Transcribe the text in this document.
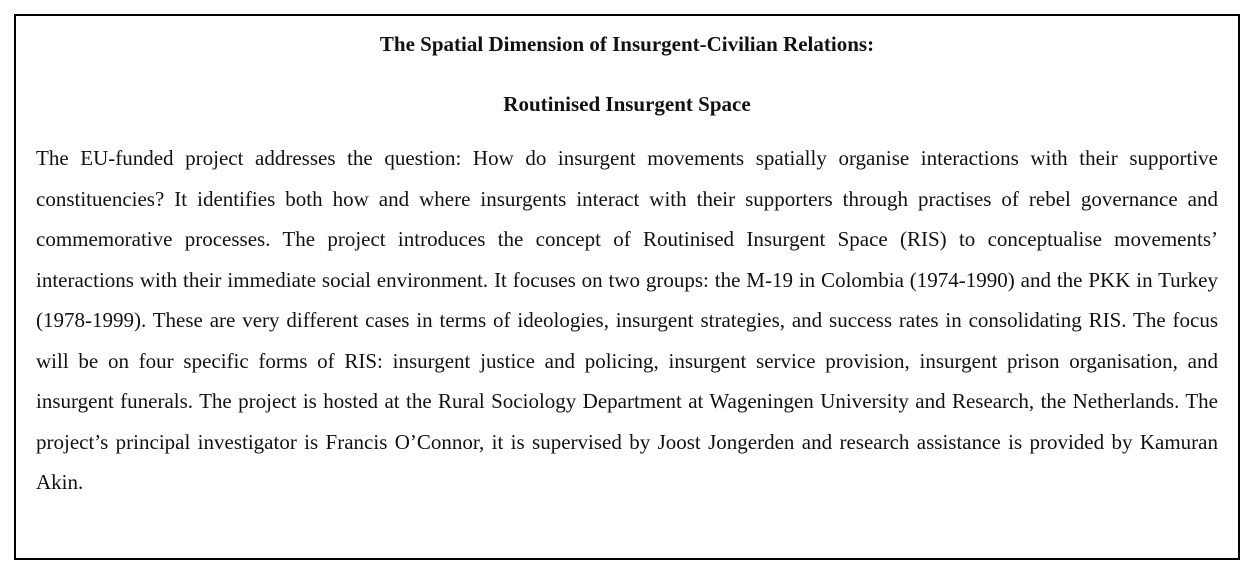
The Spatial Dimension of Insurgent-Civilian Relations:
Routinised Insurgent Space

The EU-funded project addresses the question: How do insurgent movements spatially organise interactions with their supportive constituencies? It identifies both how and where insurgents interact with their supporters through practises of rebel governance and commemorative processes. The project introduces the concept of Routinised Insurgent Space (RIS) to conceptualise movements’ interactions with their immediate social environment. It focuses on two groups: the M-19 in Colombia (1974-1990) and the PKK in Turkey (1978-1999). These are very different cases in terms of ideologies, insurgent strategies, and success rates in consolidating RIS. The focus will be on four specific forms of RIS: insurgent justice and policing, insurgent service provision, insurgent prison organisation, and insurgent funerals. The project is hosted at the Rural Sociology Department at Wageningen University and Research, the Netherlands. The project’s principal investigator is Francis O’Connor, it is supervised by Joost Jongerden and research assistance is provided by Kamuran Akin.
